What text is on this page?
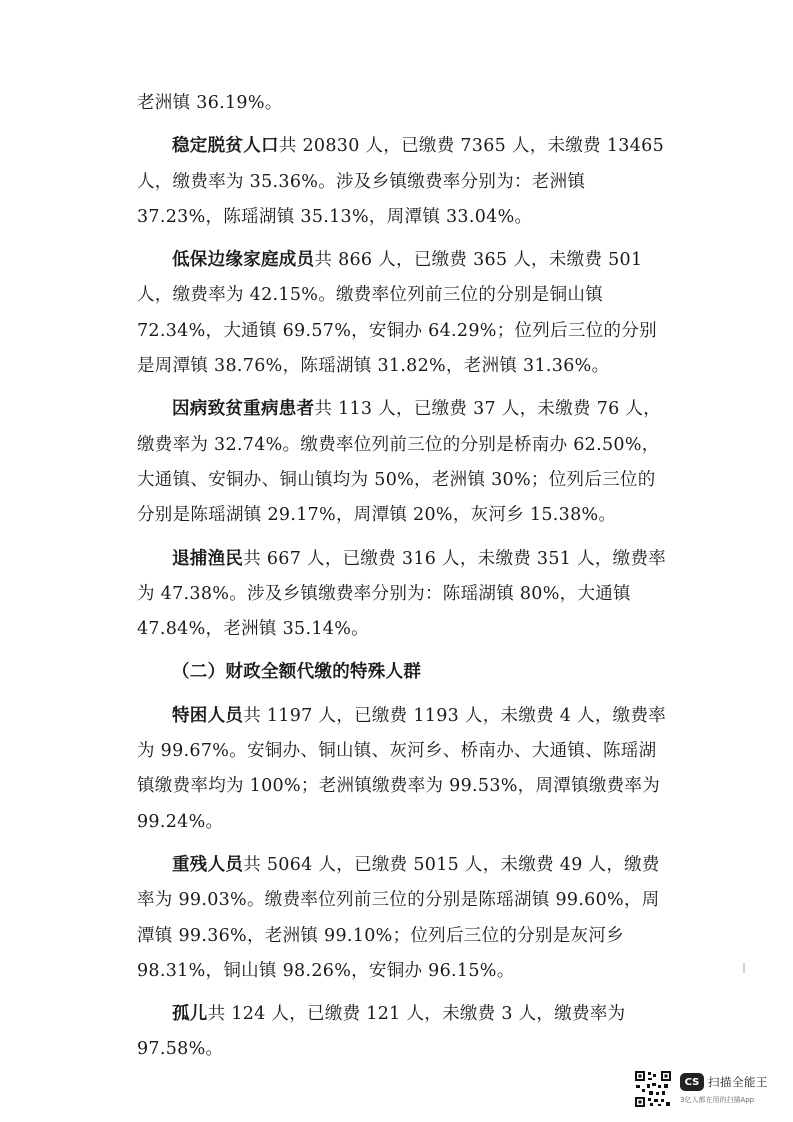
老洲镇 36.19%。

稳定脱贫人口共 20830 人，已缴费 7365 人，未缴费 13465 人，缴费率为 35.36%。涉及乡镇缴费率分别为：老洲镇 37.23%，陈瑶湖镇 35.13%，周潭镇 33.04%。

低保边缘家庭成员共 866 人，已缴费 365 人，未缴费 501 人，缴费率为 42.15%。缴费率位列前三位的分别是铜山镇 72.34%，大通镇 69.57%，安铜办 64.29%；位列后三位的分别是周潭镇 38.76%，陈瑶湖镇 31.82%，老洲镇 31.36%。

因病致贫重病患者共 113 人，已缴费 37 人，未缴费 76 人，缴费率为 32.74%。缴费率位列前三位的分别是桥南办 62.50%，大通镇、安铜办、铜山镇均为 50%，老洲镇 30%；位列后三位的分别是陈瑶湖镇 29.17%，周潭镇 20%，灰河乡 15.38%。

退捕渔民共 667 人，已缴费 316 人，未缴费 351 人，缴费率为 47.38%。涉及乡镇缴费率分别为：陈瑶湖镇 80%，大通镇 47.84%，老洲镇 35.14%。

（二）财政全额代缴的特殊人群

特困人员共 1197 人，已缴费 1193 人，未缴费 4 人，缴费率为 99.67%。安铜办、铜山镇、灰河乡、桥南办、大通镇、陈瑶湖镇缴费率均为 100%；老洲镇缴费率为 99.53%，周潭镇缴费率为 99.24%。

重残人员共 5064 人，已缴费 5015 人，未缴费 49 人，缴费率为 99.03%。缴费率位列前三位的分别是陈瑶湖镇 99.60%，周潭镇 99.36%，老洲镇 99.10%；位列后三位的分别是灰河乡 98.31%，铜山镇 98.26%，安铜办 96.15%。

孤儿共 124 人，已缴费 121 人，未缴费 3 人，缴费率为 97.58%。

CS 扫描全能王
3亿人都在用的扫描App
